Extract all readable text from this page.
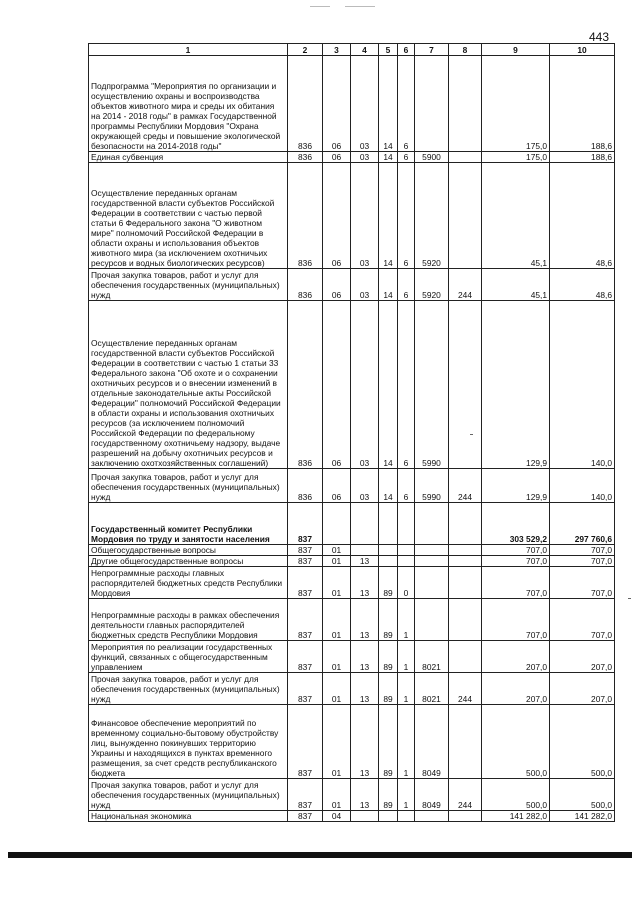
443
1	2	3	4	5	6	7	8	9	10
Подпрограмма "Мероприятия по организации и осуществлению охраны и воспроизводства объектов животного мира и среды их обитания на 2014 - 2018 годы" в рамках Государственной программы Республики Мордовия "Охрана окружающей среды и повышение экологической безопасности на 2014-2018 годы"	836	06	03	14	6			175,0	188,6
Единая субвенция	836	06	03	14	6	5900		175,0	188,6
Осуществление переданных органам государственной власти субъектов Российской Федерации в соответствии с частью первой статьи 6 Федерального закона "О животном мире" полномочий Российской Федерации в области охраны и использования объектов животного мира (за исключением охотничьих ресурсов и водных биологических ресурсов)	836	06	03	14	6	5920		45,1	48,6
Прочая закупка товаров, работ и услуг для обеспечения государственных (муниципальных) нужд	836	06	03	14	6	5920	244	45,1	48,6
Осуществление переданных органам государственной власти субъектов Российской Федерации в соответствии с частью 1 статьи 33 Федерального закона "Об охоте и о сохранении охотничьих ресурсов и о внесении изменений в отдельные законодательные акты Российской Федерации" полномочий Российской Федерации в области охраны и использования охотничьих ресурсов (за исключением полномочий Российской Федерации по федеральному государственному охотничьему надзору, выдаче разрешений на добычу охотничьих ресурсов и заключению охотхозяйственных соглашений)	836	06	03	14	6	5990		129,9	140,0
Прочая закупка товаров, работ и услуг для обеспечения государственных (муниципальных) нужд	836	06	03	14	6	5990	244	129,9	140,0
Государственный комитет Республики Мордовия по труду и занятости населения	837							303 529,2	297 760,6
Общегосударственные вопросы	837	01						707,0	707,0
Другие общегосударственные вопросы	837	01	13					707,0	707,0
Непрограммные расходы главных распорядителей бюджетных средств Республики Мордовия	837	01	13	89	0			707,0	707,0
Непрограммные расходы в рамках обеспечения деятельности главных распорядителей бюджетных средств Республики Мордовия	837	01	13	89	1			707,0	707,0
Мероприятия по реализации государственных функций, связанных с общегосударственным управлением	837	01	13	89	1	8021		207,0	207,0
Прочая закупка товаров, работ и услуг для обеспечения государственных (муниципальных) нужд	837	01	13	89	1	8021	244	207,0	207,0
Финансовое обеспечение мероприятий по временному социально-бытовому обустройству лиц, вынужденно покинувших территорию Украины и находящихся в пунктах временного размещения, за счет средств республиканского бюджета	837	01	13	89	1	8049		500,0	500,0
Прочая закупка товаров, работ и услуг для обеспечения государственных (муниципальных) нужд	837	01	13	89	1	8049	244	500,0	500,0
Национальная экономика	837	04						141 282,0	141 282,0
